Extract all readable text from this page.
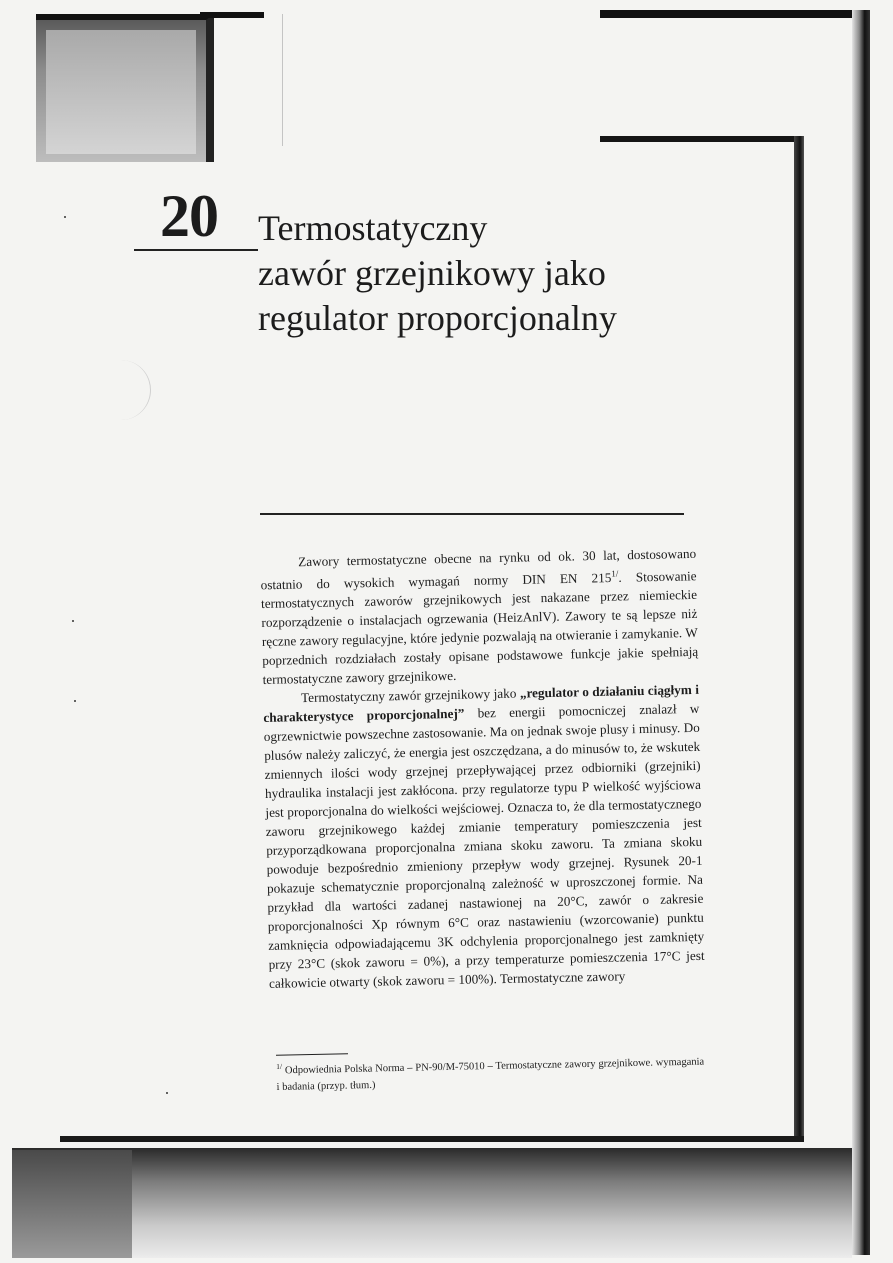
20 Termostatyczny
zawór grzejnikowy jako
regulator proporcjonalny

Zawory termostatyczne obecne na rynku od ok. 30 lat, dostosowano ostatnio do wysokich wymagań normy DIN EN $215^{1/}$. Stosowanie termostatycznych zaworów grzejnikowych jest nakazane przez niemieckie rozporządzenie o instalacjach ogrzewania (HeizAnlV). Zawory te są lepsze niż ręczne zawory regulacyjne, które jedynie pozwalają na otwieranie i zamykanie. W poprzednich rozdziałach zostały opisane podstawowe funkcje jakie spełniają termostatyczne zawory grzejnikowe.

Termostatyczny zawór grzejnikowy jako „regulator o działaniu ciągłym i charakterystyce proporcjonalnej” bez energii pomocniczej znalazł w ogrzewnictwie powszechne zastosowanie. Ma on jednak swoje plusy i minusy. Do plusów należy zaliczyć, że energia jest oszczędzana, a do minusów to, że wskutek zmiennych ilości wody grzejnej przepływającej przez odbiorniki (grzejniki) hydraulika instalacji jest zakłócona. przy regulatorze typu P wielkość wyjściowa jest proporcjonalna do wielkości wejściowej. Oznacza to, że dla termostatycznego zaworu grzejnikowego każdej zmianie temperatury pomieszczenia jest przyporządkowana proporcjonalna zmiana skoku zaworu. Ta zmiana skoku powoduje bezpośrednio zmieniony przepływ wody grzejnej. Rysunek 20-1 pokazuje schematycznie proporcjonalną zależność w uproszczonej formie. Na przykład dla wartości zadanej nastawionej na 20°C, zawór o zakresie proporcjonalności Xp równym 6°C oraz nastawieniu (wzorcowanie) punktu zamknięcia odpowiadającemu 3K odchylenia proporcjonalnego jest zamknięty przy 23°C (skok zaworu = 0%), a przy temperaturze pomieszczenia 17°C jest całkowicie otwarty (skok zaworu = 100%). Termostatyczne zawory

$^{1/}$ Odpowiednia Polska Norma – PN-90/M-75010 – Termostatyczne zawory grzejnikowe. wymagania i badania (przyp. tłum.)
